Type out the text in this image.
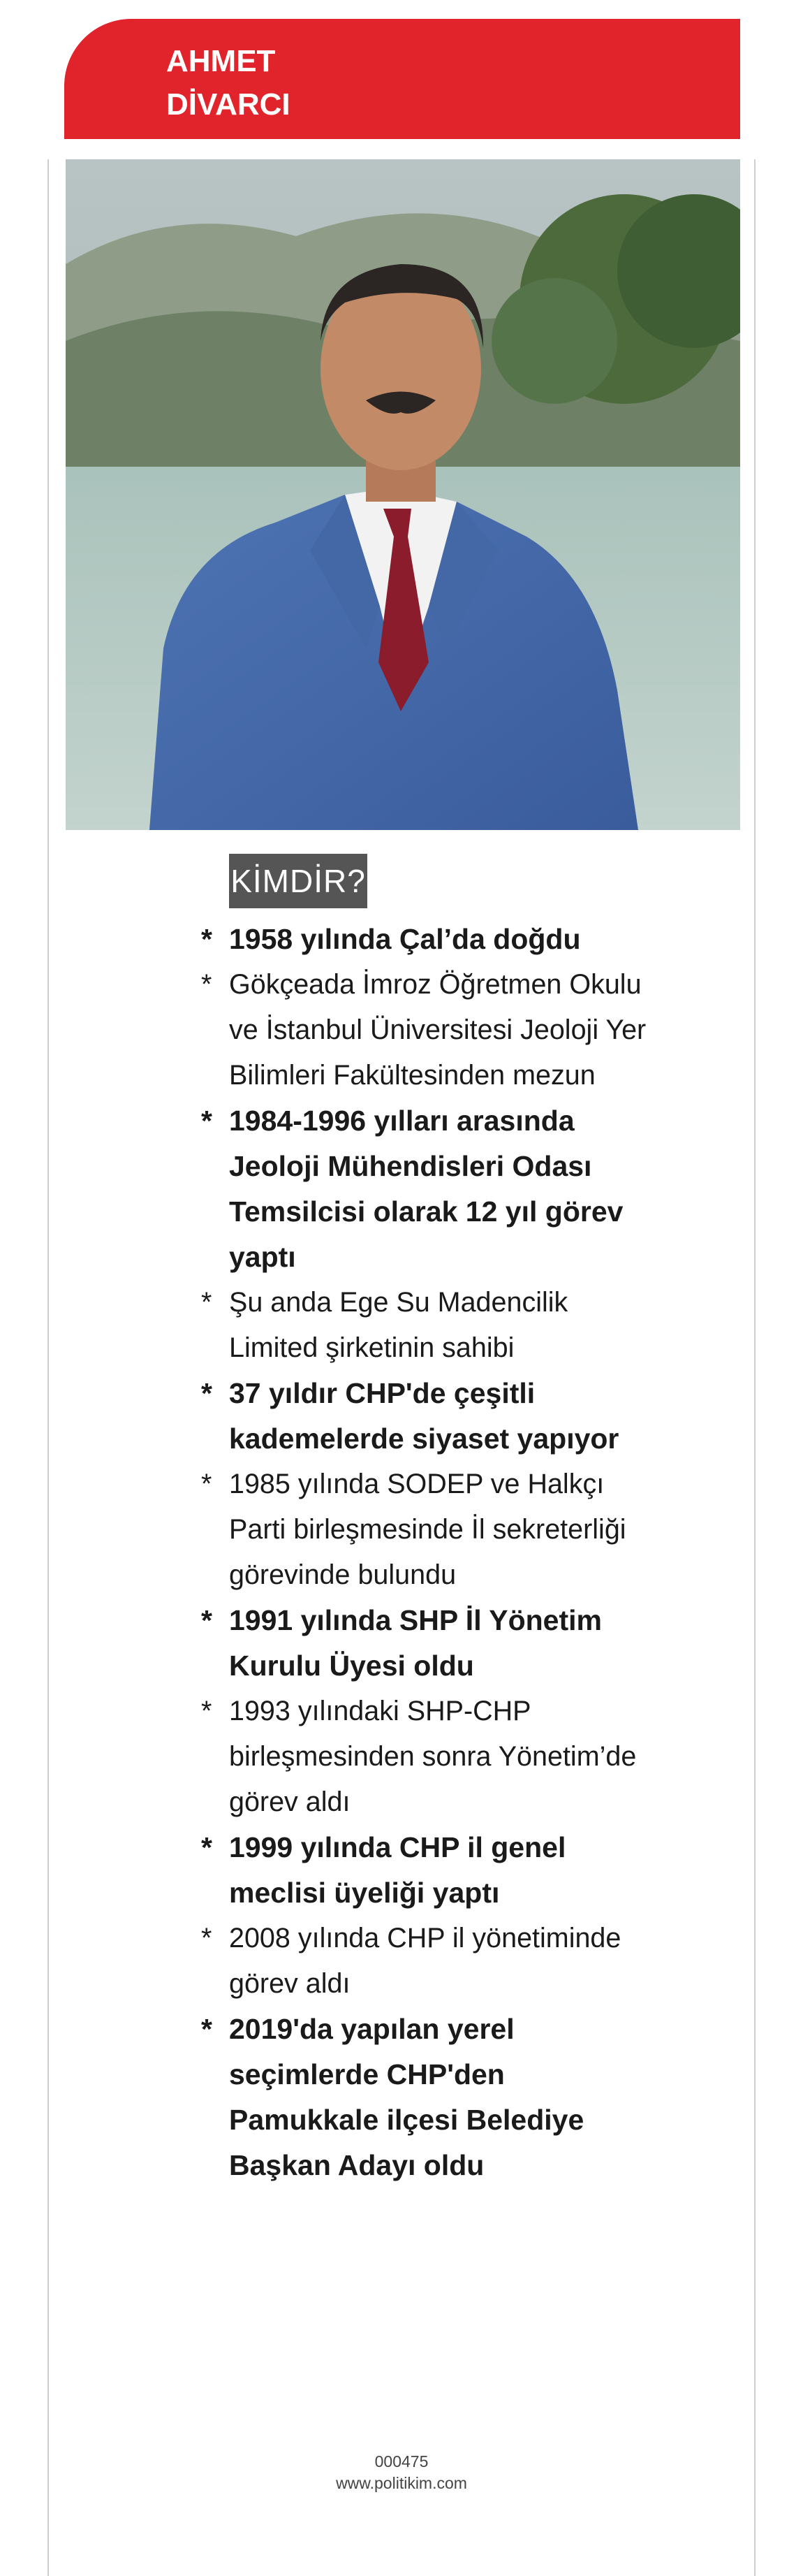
AHMET
DİVARCI
KİMDİR?
* 1958 yılında Çal’da doğdu
* Gökçeada İmroz Öğretmen Okulu ve İstanbul Üniversitesi Jeoloji Yer Bilimleri Fakültesinden mezun
* 1984-1996 yılları arasında Jeoloji Mühendisleri Odası Temsilcisi olarak 12 yıl görev yaptı
* Şu anda Ege Su Madencilik Limited şirketinin sahibi
* 37 yıldır CHP'de çeşitli kademelerde siyaset yapıyor
* 1985 yılında SODEP ve Halkçı Parti birleşmesinde İl sekreterliği görevinde bulundu
* 1991 yılında SHP İl Yönetim Kurulu Üyesi oldu
* 1993 yılındaki SHP-CHP birleşmesinden sonra Yönetim’de görev aldı
* 1999 yılında CHP il genel meclisi üyeliği yaptı
* 2008 yılında CHP il yönetiminde görev aldı
* 2019'da yapılan yerel seçimlerde CHP'den Pamukkale ilçesi Belediye Başkan Adayı oldu
000475
www.politikim.com
